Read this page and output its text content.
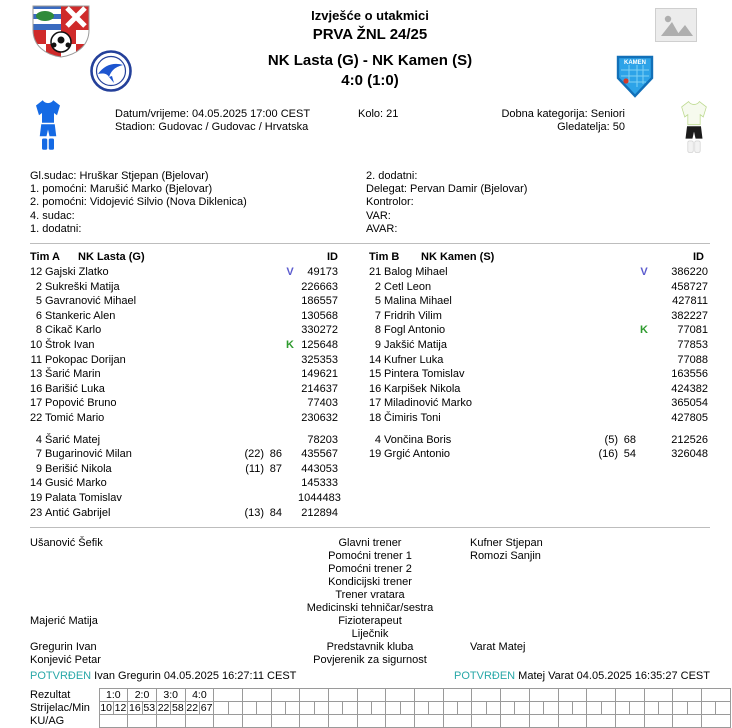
Izvješće o utakmici
PRVA ŽNL 24/25
NK Lasta (G) - NK Kamen (S)
4:0 (1:0)
KAMEN
Datum/vrijeme: 04.05.2025 17:00 CEST
Stadion: Gudovac / Gudovac / Hrvatska
Kolo: 21	Dobna kategorija: Seniori
Gledatelja: 50
Gl.sudac: Hruškar Stjepan (Bjelovar)
1. pomoćni: Marušić Marko (Bjelovar)
2. pomoćni: Vidojević Silvio (Nova Diklenica)
4. sudac:
1. dodatni:
2. dodatni:
Delegat: Pervan Damir (Bjelovar)
Kontrolor:
VAR:
AVAR:
Tim A	NK Lasta (G)	ID
12 Gajski Zlatko	V	49173
2 Sukreški Matija	226663
5 Gavranović Mihael	186557
6 Stankeric Alen	130568
8 Cikač Karlo	330272
10 Štrok Ivan	K 125648
11 Pokopac Dorijan	325353
13 Šarić Marin	149621
16 Barišić Luka	214637
17 Popović Bruno	77403
22 Tomić Mario	230632
4 Šarić Matej	78203
7 Bugarinović Milan	(22) 86 435567
9 Berišić Nikola	(11) 87 443053
14 Gusić Marko	145333
19 Palata Tomislav	1044483
23 Antić Gabrijel	(13) 84 212894
Tim B	NK Kamen (S)	ID
21 Balog Mihael	V	386220
2 Cetl Leon	458727
5 Malina Mihael	427811
7 Fridrih Vilim	382227
8 Fogl Antonio	K	77081
9 Jakšić Matija	77853
14 Kufner Luka	77088
15 Pintera Tomislav	163556
16 Karpišek Nikola	424382
17 Miladinović Marko	365054
18 Čimiris Toni	427805
4 Vončina Boris	(5) 68	212526
19 Grgić Antonio	(16) 54	326048
Ušanović Šefik	Glavni trener	Kufner Stjepan
Pomoćni trener 1	Romozi Sanjin
Pomoćni trener 2
Kondicijski trener
Trener vratara
Medicinski tehničar/sestra
Majerić Matija	Fizioterapeut
Liječnik
Gregurin Ivan	Predstavnik kluba	Varat Matej
Konjević Petar	Povjerenik za sigurnost
POTVRĐEN Ivan Gregurin 04.05.2025 16:27:11 CEST	POTVRĐEN Matej Varat 04.05.2025 16:35:27 CEST
Rezultat	1:0		2:0		3:0		4:0																																					
Strijelac/Min	10	12	16	53	22	58	22	67																																				
KU/AG																																												
